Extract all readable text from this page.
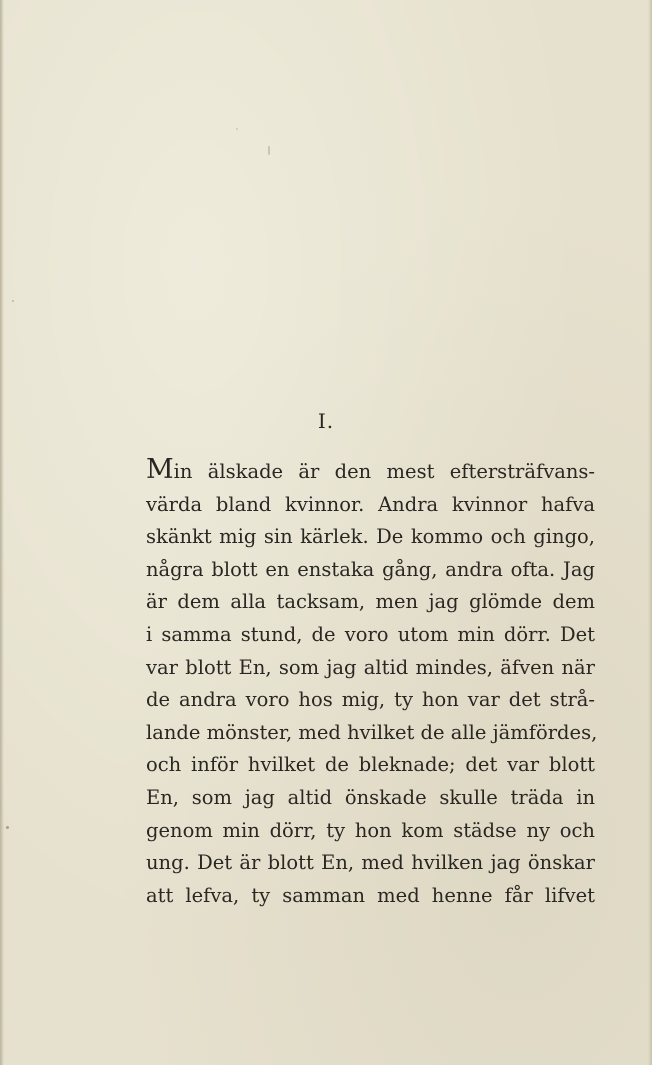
I.
Min älskade är den mest eftersträfvans-
värda bland kvinnor. Andra kvinnor hafva
skänkt mig sin kärlek. De kommo och gingo,
några blott en enstaka gång, andra ofta. Jag
är dem alla tacksam, men jag glömde dem
i samma stund, de voro utom min dörr. Det
var blott En, som jag altid mindes, äfven när
de andra voro hos mig, ty hon var det strå-
lande mönster, med hvilket de alle jämfördes,
och inför hvilket de bleknade; det var blott
En, som jag altid önskade skulle träda in
genom min dörr, ty hon kom städse ny och
ung. Det är blott En, med hvilken jag önskar
att lefva, ty samman med henne får lifvet
